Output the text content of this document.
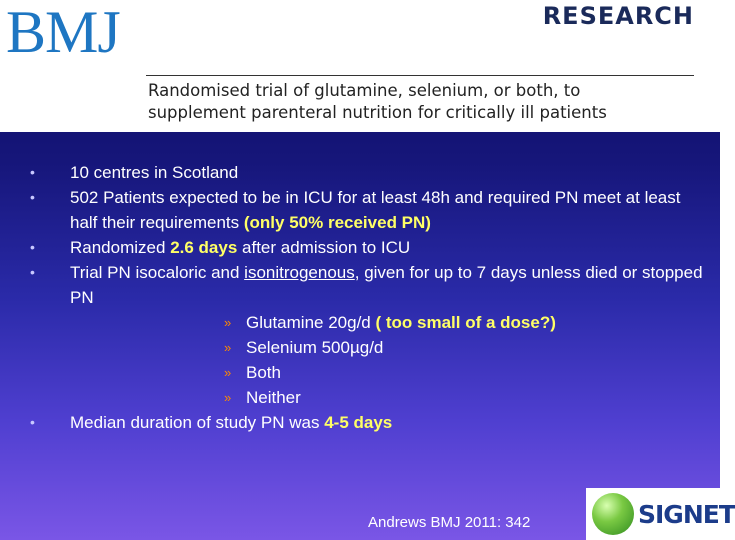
BMJ	RESEARCH
Randomised trial of glutamine, selenium, or both, to
supplement parenteral nutrition for critically ill patients
• 10 centres in Scotland
• 502 Patients expected to be in ICU for at least 48h and required PN meet at least half their requirements (only 50% received PN)
• Randomized 2.6 days after admission to ICU
• Trial PN isocaloric and isonitrogenous, given for up to 7 days unless died or stopped PN
» Glutamine 20g/d ( too small of a dose?)
» Selenium 500µg/d
» Both
» Neither
• Median duration of study PN was 4-5 days
Andrews BMJ 2011: 342	SIGNET
